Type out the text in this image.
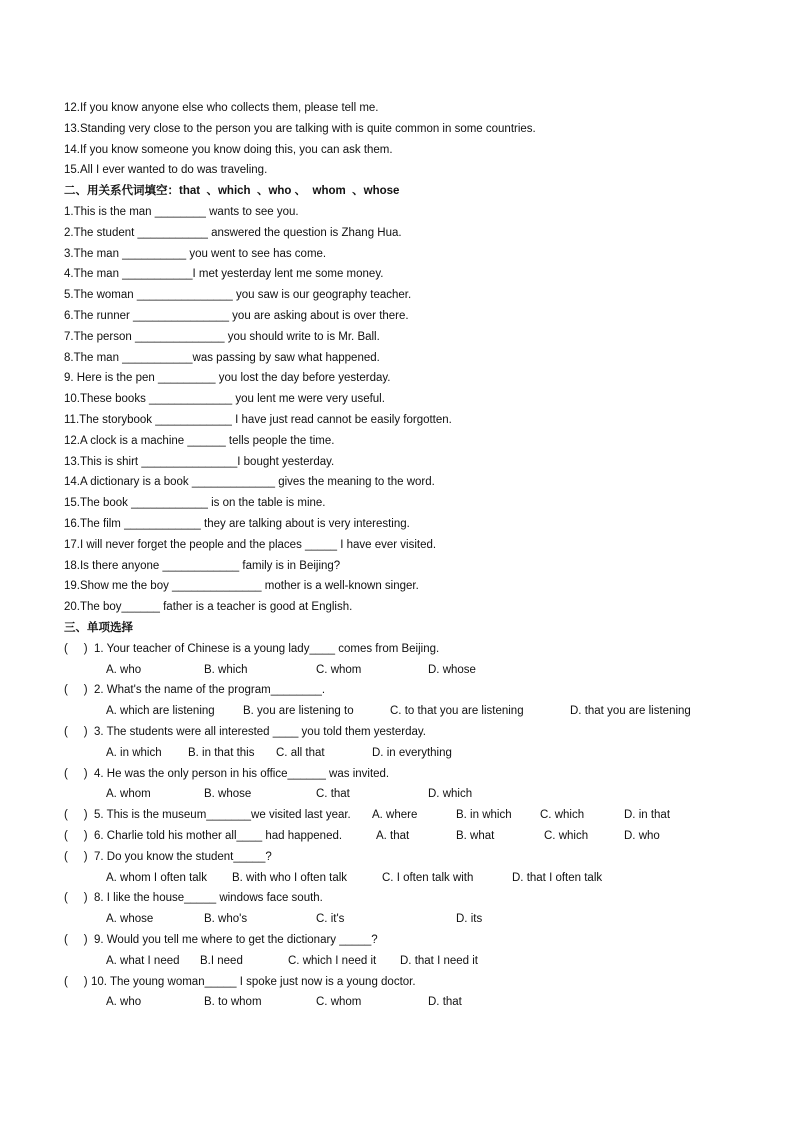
12.If you know anyone else who collects them, please tell me.
13.Standing very close to the person you are talking with is quite common in some countries.
14.If you know someone you know doing this, you can ask them.
15.All I ever wanted to do was traveling.
二、用关系代词填空：that  、which  、who 、  whom  、whose
1.This is the man ________ wants to see you.
2.The student ___________ answered the question is Zhang Hua.
3.The man __________ you went to see has come.
4.The man ___________I met yesterday lent me some money.
5.The woman _______________ you saw is our geography teacher.
6.The runner _______________ you are asking about is over there.
7.The person ______________ you should write to is Mr. Ball.
8.The man ___________was passing by saw what happened.
9. Here is the pen _________ you lost the day before yesterday.
10.These books _____________ you lent me were very useful.
11.The storybook ____________ I have just read cannot be easily forgotten.
12.A clock is a machine ______ tells people the time.
13.This is shirt _______________I bought yesterday.
14.A dictionary is a book _____________ gives the meaning to the word.
15.The book ____________ is on the table is mine.
16.The film ____________ they are talking about is very interesting.
17.I will never forget the people and the places _____ I have ever visited.
18.Is there anyone ____________ family is in Beijing?
19.Show me the boy ______________ mother is a well-known singer.
20.The boy______ father is a teacher is good at English.
三、单项选择
(     ) 1. Your teacher of Chinese is a young lady____ comes from Beijing.
A. who	B. which	C. whom	D. whose
(     ) 2. What's the name of the program________.
A. which are listening B. you are listening to	C. to that you are listening	D. that you are listening
(     ) 3. The students were all interested ____ you told them yesterday.
A. in which B. in that this C. all that	D. in everything
(     ) 4. He was the only person in his office______ was invited.
A. whom	B. whose	C. that	D. which
(     ) 5. This is the museum_______we visited last year. A. where	B. in which C. which	D. in that
(     ) 6. Charlie told his mother all____ had happened.	A. that	B. what	C. which	D. who
(     ) 7. Do you know the student_____?
A. whom I often talk B. with who I often talk	C. I often talk with	D. that I often talk
(     ) 8. I like the house_____ windows face south.
A. whose	B. who's	C. it's	D. its
(     ) 9. Would you tell me where to get the dictionary _____?
A. what I need B.I need	C. which I need it D. that I need it
(     ) 10. The young woman_____ I spoke just now is a young doctor.
A. who	B. to whom	C. whom	D. that
